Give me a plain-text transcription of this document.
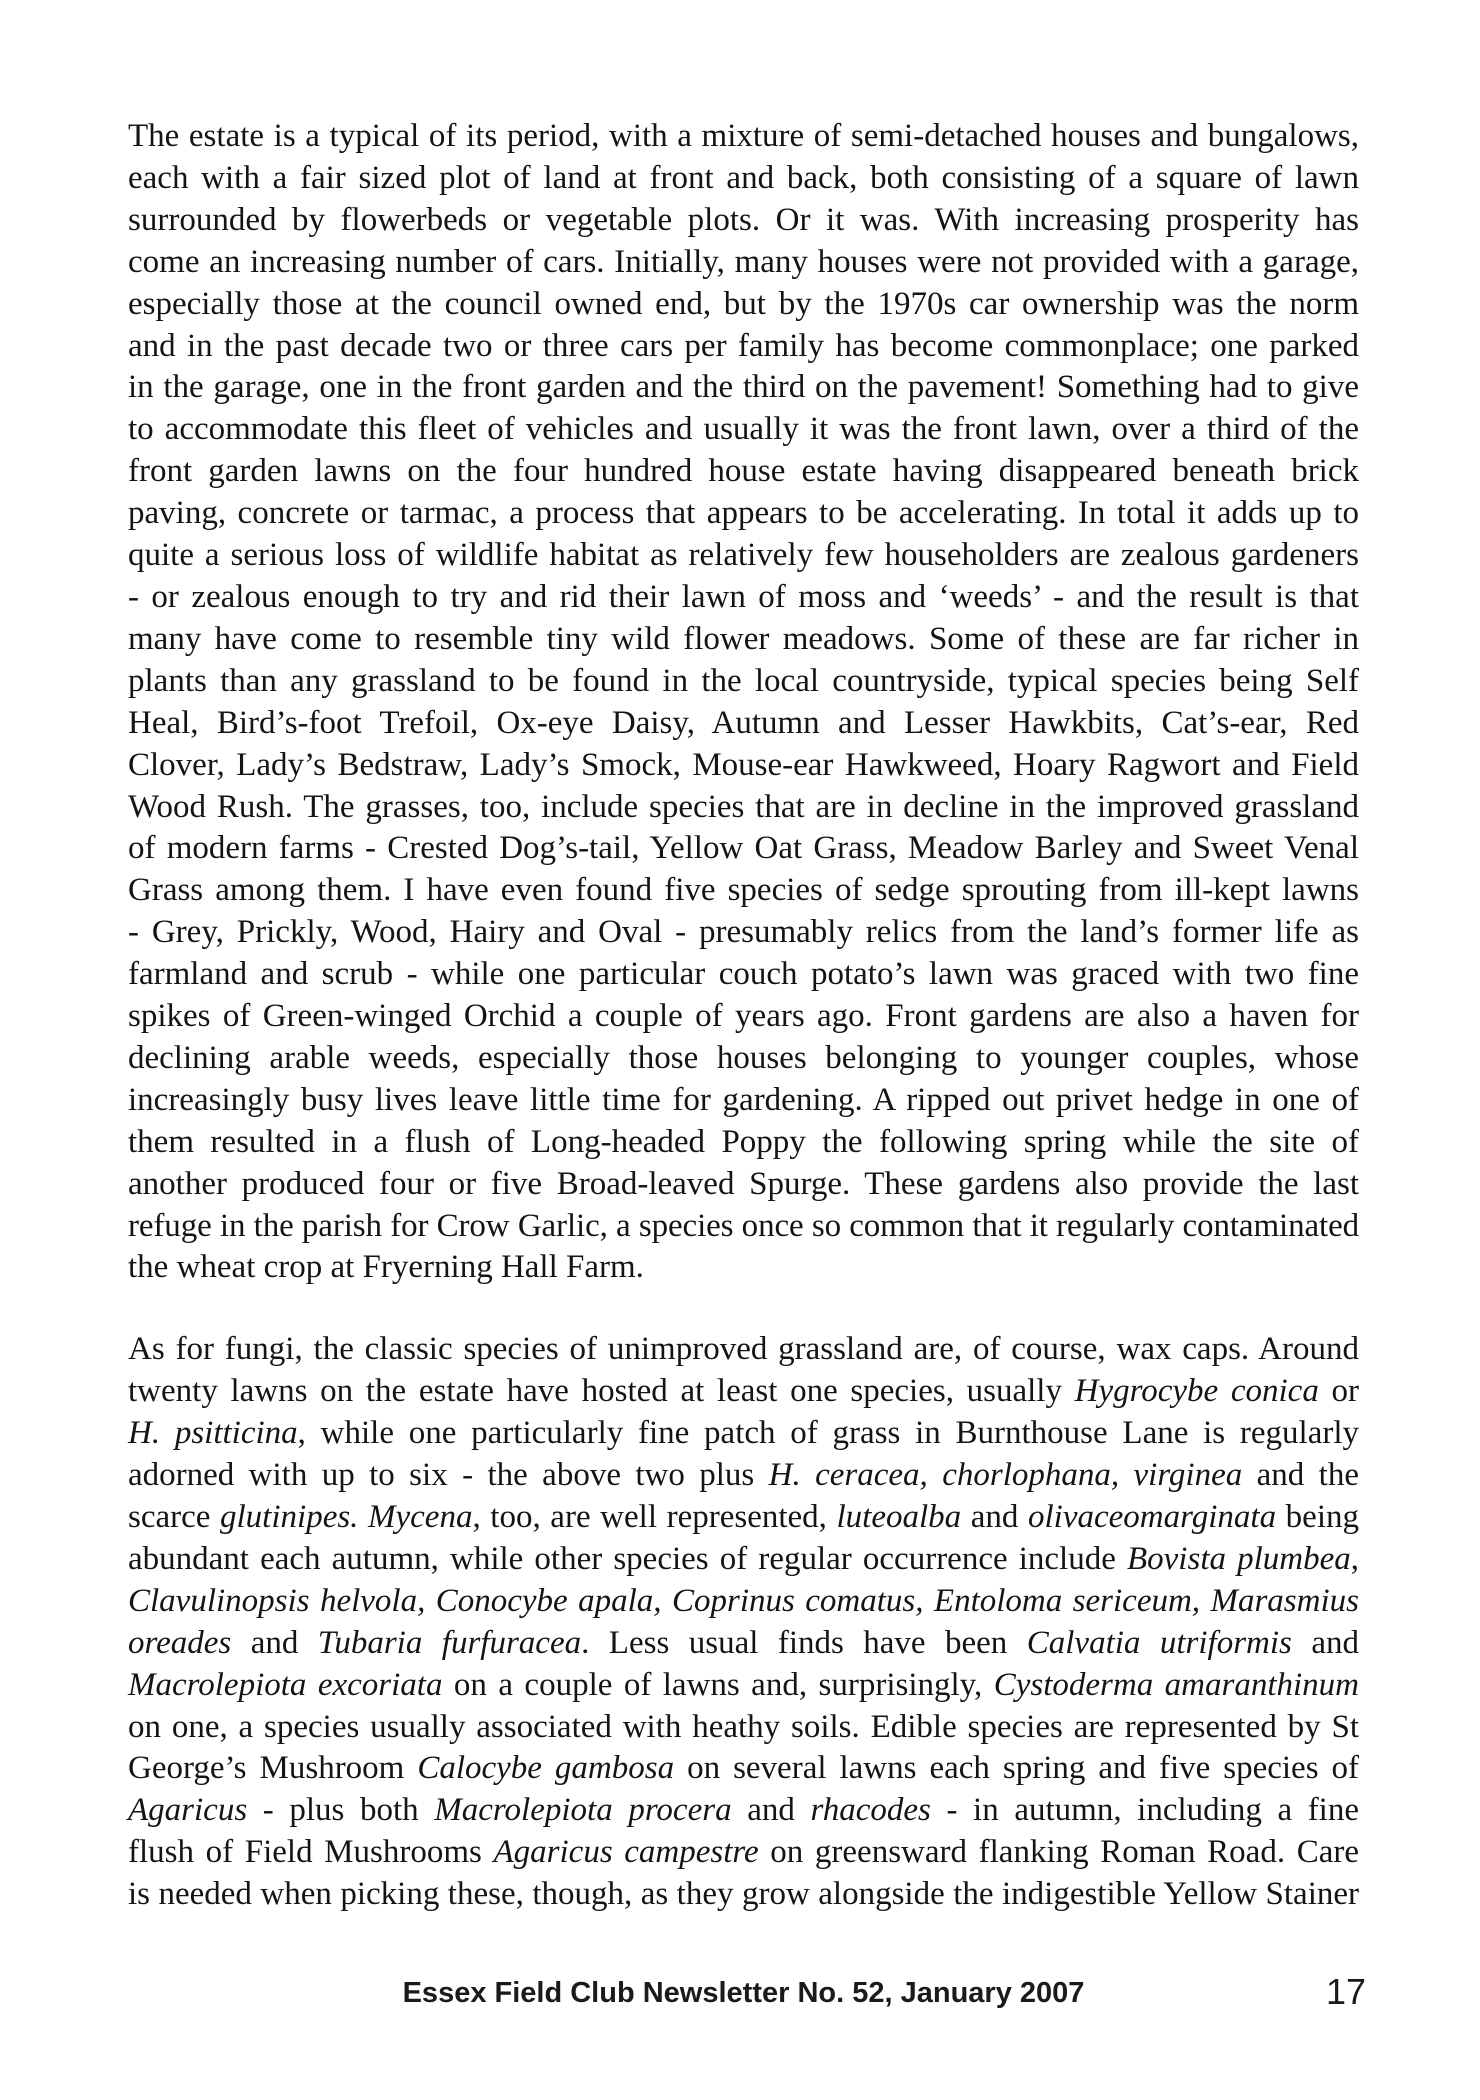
The estate is a typical of its period, with a mixture of semi-detached houses and bungalows,
each with a fair sized plot of land at front and back, both consisting of a square of lawn
surrounded by flowerbeds or vegetable plots. Or it was. With increasing prosperity has
come an increasing number of cars. Initially, many houses were not provided with a garage,
especially those at the council owned end, but by the 1970s car ownership was the norm
and in the past decade two or three cars per family has become commonplace; one parked
in the garage, one in the front garden and the third on the pavement! Something had to give
to accommodate this fleet of vehicles and usually it was the front lawn, over a third of the
front garden lawns on the four hundred house estate having disappeared beneath brick
paving, concrete or tarmac, a process that appears to be accelerating. In total it adds up to
quite a serious loss of wildlife habitat as relatively few householders are zealous gardeners
- or zealous enough to try and rid their lawn of moss and ‘weeds’ - and the result is that
many have come to resemble tiny wild flower meadows. Some of these are far richer in
plants than any grassland to be found in the local countryside, typical species being Self
Heal, Bird’s-foot Trefoil, Ox-eye Daisy, Autumn and Lesser Hawkbits, Cat’s-ear, Red
Clover, Lady’s Bedstraw, Lady’s Smock, Mouse-ear Hawkweed, Hoary Ragwort and Field
Wood Rush. The grasses, too, include species that are in decline in the improved grassland
of modern farms - Crested Dog’s-tail, Yellow Oat Grass, Meadow Barley and Sweet Venal
Grass among them. I have even found five species of sedge sprouting from ill-kept lawns
- Grey, Prickly, Wood, Hairy and Oval - presumably relics from the land’s former life as
farmland and scrub - while one particular couch potato’s lawn was graced with two fine
spikes of Green-winged Orchid a couple of years ago. Front gardens are also a haven for
declining arable weeds, especially those houses belonging to younger couples, whose
increasingly busy lives leave little time for gardening. A ripped out privet hedge in one of
them resulted in a flush of Long-headed Poppy the following spring while the site of
another produced four or five Broad-leaved Spurge. These gardens also provide the last
refuge in the parish for Crow Garlic, a species once so common that it regularly contaminated
the wheat crop at Fryerning Hall Farm.
As for fungi, the classic species of unimproved grassland are, of course, wax caps. Around
twenty lawns on the estate have hosted at least one species, usually Hygrocybe conica or
H. psitticina, while one particularly fine patch of grass in Burnthouse Lane is regularly
adorned with up to six - the above two plus H. ceracea, chorlophana, virginea and the
scarce glutinipes. Mycena, too, are well represented, luteoalba and olivaceomarginata being
abundant each autumn, while other species of regular occurrence include Bovista plumbea,
Clavulinopsis helvola, Conocybe apala, Coprinus comatus, Entoloma sericeum, Marasmius
oreades and Tubaria furfuracea. Less usual finds have been Calvatia utriformis and
Macrolepiota excoriata on a couple of lawns and, surprisingly, Cystoderma amaranthinum
on one, a species usually associated with heathy soils. Edible species are represented by St
George’s Mushroom Calocybe gambosa on several lawns each spring and five species of
Agaricus - plus both Macrolepiota procera and rhacodes - in autumn, including a fine
flush of Field Mushrooms Agaricus campestre on greensward flanking Roman Road. Care
is needed when picking these, though, as they grow alongside the indigestible Yellow Stainer
Essex Field Club Newsletter No. 52, January 2007	17
